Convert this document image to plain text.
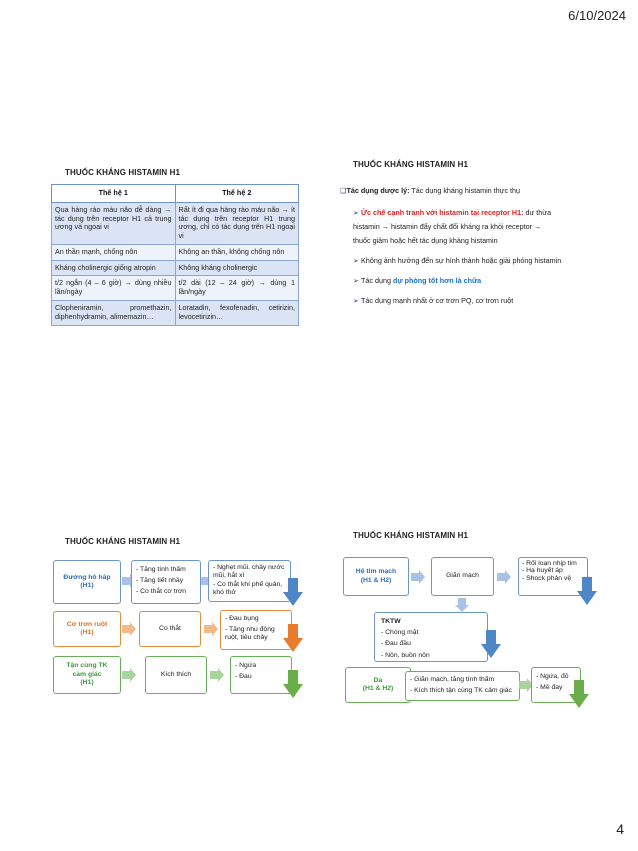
6/10/2024
THUỐC KHÁNG HISTAMIN H1
Thế hệ 1	Thế hệ 2
Qua hàng rào máu não dễ dàng → tác dụng trên receptor H1 cả trung ương và ngoại vi	Rất ít đi qua hàng rào máu não → ít tác dụng trên receptor H1 trung ương, chỉ có tác dụng trên H1 ngoại vi
An thần mạnh, chống nôn	Không an thần, không chống nôn
Kháng cholinergic giống atropin	Không kháng cholinergic
t/2 ngắn (4 – 6 giờ) → dùng nhiều lần/ngày	t/2 dài (12 – 24 giờ) → dùng 1 lần/ngày
Clopheniramin, promethazin, diphenhydramin, alimemazin…	Loratadin, fexofenadin, cetirizin, levocetirizin…
THUỐC KHÁNG HISTAMIN H1
❑Tác dụng dược lý: Tác dụng kháng histamin thực thụ
➢ Ức chế cạnh tranh với histamin tại receptor H1: dư thừa
histamin → histamin đẩy chất đối kháng ra khỏi receptor →
thuốc giảm hoặc hết tác dụng kháng histamin
➢ Không ảnh hưởng đến sự hình thành hoặc giải phóng histamin
➢ Tác dụng dự phòng tốt hơn là chữa
➢ Tác dụng mạnh nhất ở cơ trơn PQ, cơ trơn ruột
THUỐC KHÁNG HISTAMIN H1
Đường hô hấp
(H1)
- Tăng tính thấm
- Tăng tiết nhầy
- Co thắt cơ trơn
- Nghẹt mũi, chảy nước mũi, hắt xì
- Co thắt khí phế quản, khó thở
Cơ trơn ruột
(H1)
Co thắt
- Đau bụng
- Tăng nhu động ruột, tiêu chảy
Tận cùng TK cảm giác
(H1)
Kích thích
- Ngứa
- Đau
THUỐC KHÁNG HISTAMIN H1
Hệ tim mạch
(H1 & H2)
Giãn mạch
- Rối loạn nhịp tim
- Hạ huyết áp
- Shock phản vệ
TKTW
- Chóng mặt
- Đau đầu
- Nôn, buồn nôn
Da
(H1 & H2)
- Giãn mạch, tăng tính thấm
- Kích thích tận cùng TK cảm giác
- Ngứa, đỏ
- Mề đay
4
